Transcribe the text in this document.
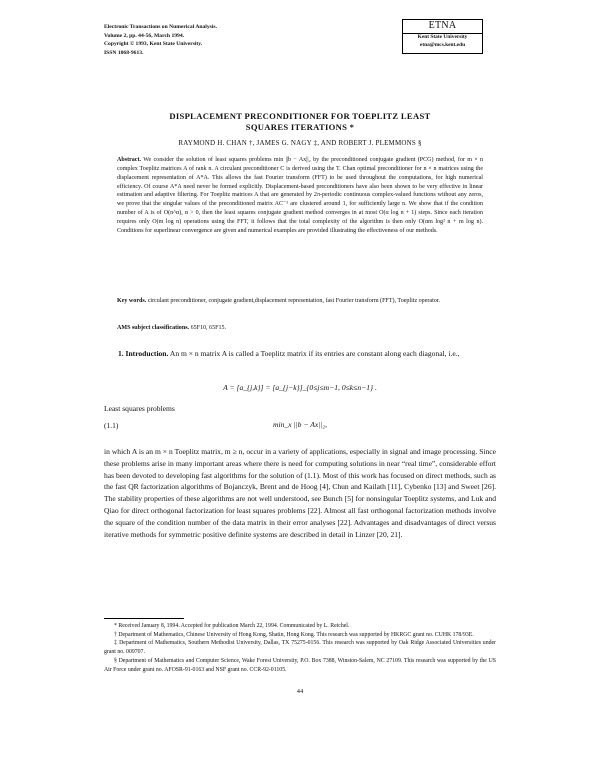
Electronic Transactions on Numerical Analysis.
Volume 2, pp. 44-56, March 1994.
Copyright © 1993, Kent State University.
ISSN 1068-9613.
ETNA
Kent State University
etna@mcs.kent.edu
DISPLACEMENT PRECONDITIONER FOR TOEPLITZ LEAST
SQUARES ITERATIONS *
RAYMOND H. CHAN †, JAMES G. NAGY ‡, AND ROBERT J. PLEMMONS §
Abstract. We consider the solution of least squares problems min ||b − Ax||₂ by the preconditioned conjugate gradient (PCG) method, for m × n complex Toeplitz matrices A of rank n. A circulant preconditioner C is derived using the T. Chan optimal preconditioner for n × n matrices using the displacement representation of A*A. This allows the fast Fourier transform (FFT) to be used throughout the computations, for high numerical efficiency. Of course A*A need never be formed explicitly. Displacement-based preconditioners have also been shown to be very effective in linear estimation and adaptive filtering. For Toeplitz matrices A that are generated by 2π-periodic continuous complex-valued functions without any zeros, we prove that the singular values of the preconditioned matrix AC⁻¹ are clustered around 1, for sufficiently large n. We show that if the condition number of A is of O(n^α), α > 0, then the least squares conjugate gradient method converges in at most O(α log n + 1) steps. Since each iteration requires only O(m log n) operations using the FFT, it follows that the total complexity of the algorithm is then only O(αm log² n + m log n). Conditions for superlinear convergence are given and numerical examples are provided illustrating the effectiveness of our methods.
Key words. circulant preconditioner, conjugate gradient,displacement representation, fast Fourier transform (FFT), Toeplitz operator.
AMS subject classifications. 65F10, 65F15.
1. Introduction. An m × n matrix A is called a Toeplitz matrix if its entries are constant along each diagonal, i.e.,
A = [a_{j,k}] = [a_{j−k}]_{0≤j≤m−1, 0≤k≤n−1} .
Least squares problems
(1.1)	min_x ||b − Ax||₂,
in which A is an m × n Toeplitz matrix, m ≥ n, occur in a variety of applications, especially in signal and image processing. Since these problems arise in many important areas where there is need for computing solutions in near “real time”, considerable effort has been devoted to developing fast algorithms for the solution of (1.1). Most of this work has focused on direct methods, such as the fast QR factorization algorithms of Bojanczyk, Brent and de Hoog [4], Chun and Kailath [11], Cybenko [13] and Sweet [26]. The stability properties of these algorithms are not well understood, see Bunch [5] for nonsingular Toeplitz systems, and Luk and Qiao for direct orthogonal factorization for least squares problems [22]. Almost all fast orthogonal factorization methods involve the square of the condition number of the data matrix in their error analyses [22]. Advantages and disadvantages of direct versus iterative methods for symmetric positive definite systems are described in detail in Linzer [20, 21].

* Received January 8, 1994. Accepted for publication March 22, 1994. Communicated by L. Reichel.

† Department of Mathematics, Chinese University of Hong Kong, Shatin, Hong Kong. This research was supported by HKRGC grant no. CUHK 178/93E.

‡ Department of Mathematics, Southern Methodist University, Dallas, TX 75275-0156. This research was supported by Oak Ridge Associated Universities under grant no. 009707.

§ Department of Mathematics and Computer Science, Wake Forest University, P.O. Box 7388, Winston-Salem, NC 27109. This research was supported by the US Air Force under grant no. AFOSR-91-0163 and NSF grant no. CCR-92-01105.

44
